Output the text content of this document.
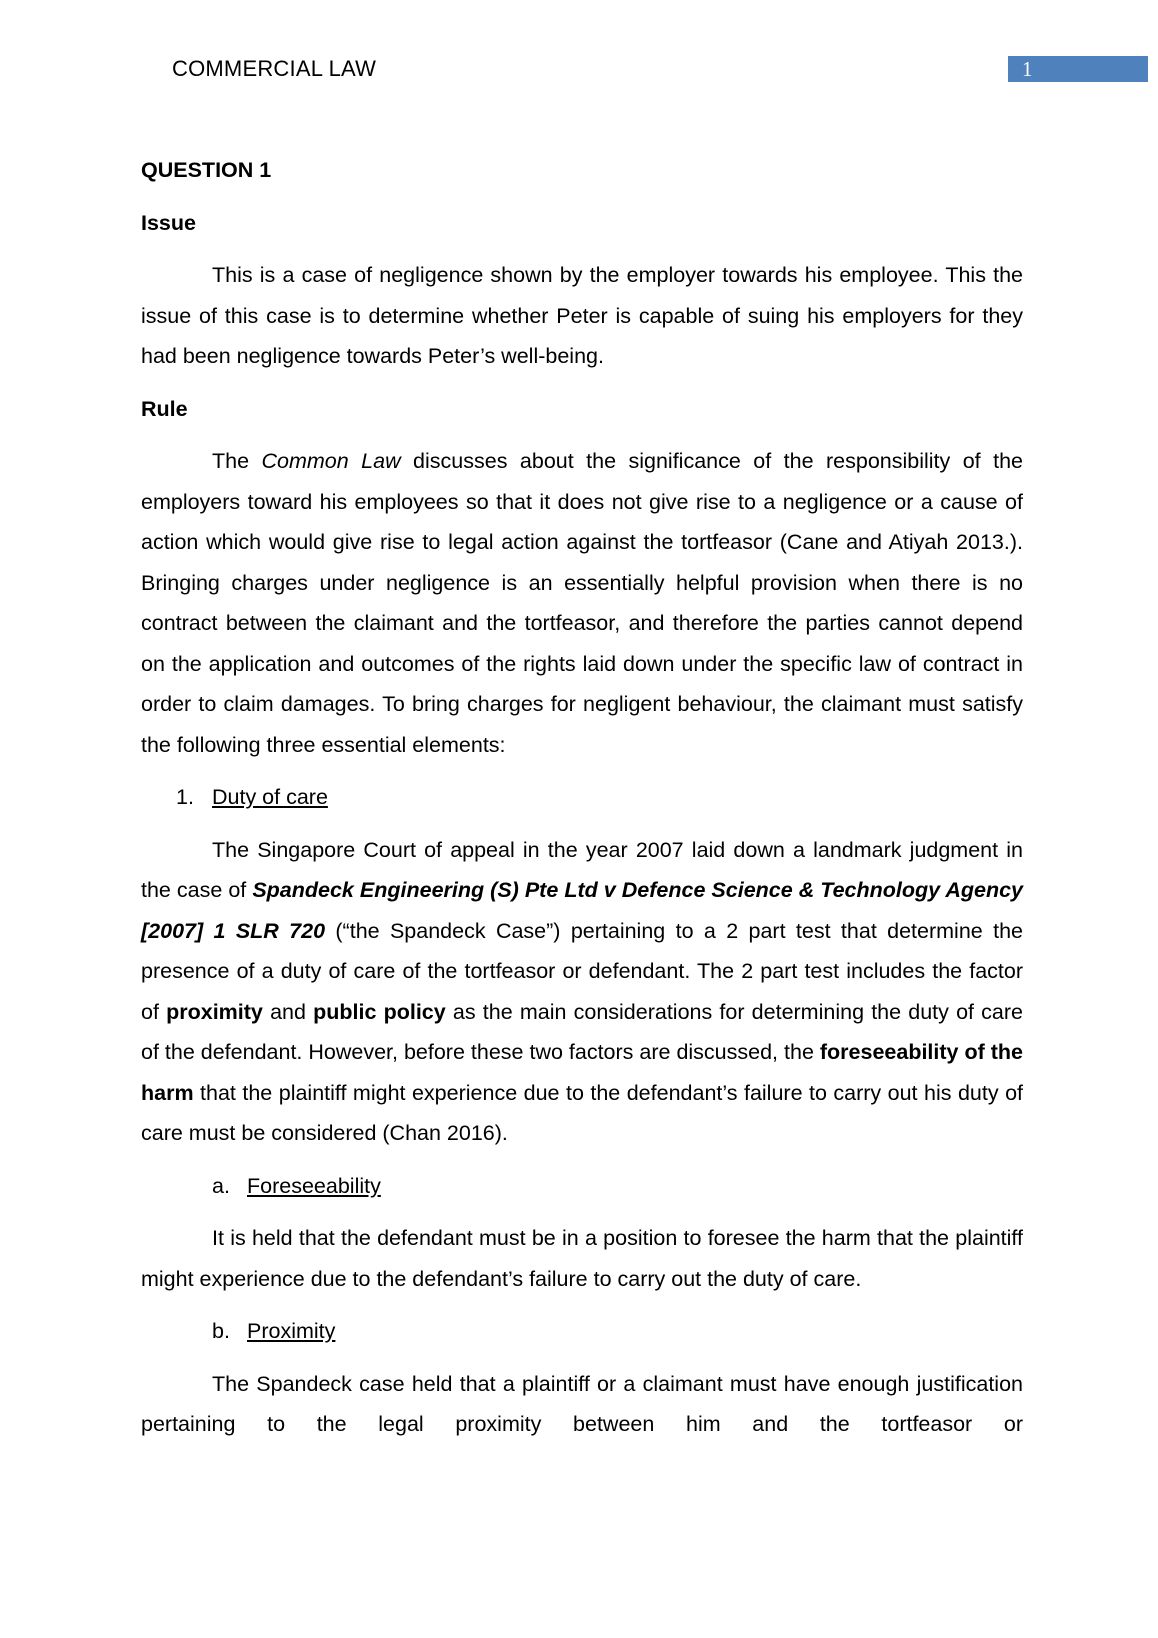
COMMERCIAL LAW	1

QUESTION 1

Issue

This is a case of negligence shown by the employer towards his employee. This the issue of this case is to determine whether Peter is capable of suing his employers for they had been negligence towards Peter’s well-being.

Rule

The Common Law discusses about the significance of the responsibility of the employers toward his employees so that it does not give rise to a negligence or a cause of action which would give rise to legal action against the tortfeasor (Cane and Atiyah 2013.). Bringing charges under negligence is an essentially helpful provision when there is no contract between the claimant and the tortfeasor, and therefore the parties cannot depend on the application and outcomes of the rights laid down under the specific law of contract in order to claim damages. To bring charges for negligent behaviour, the claimant must satisfy the following three essential elements:

1. Duty of care

The Singapore Court of appeal in the year 2007 laid down a landmark judgment in the case of Spandeck Engineering (S) Pte Ltd v Defence Science & Technology Agency [2007] 1 SLR 720 (“the Spandeck Case”) pertaining to a 2 part test that determine the presence of a duty of care of the tortfeasor or defendant. The 2 part test includes the factor of proximity and public policy as the main considerations for determining the duty of care of the defendant. However, before these two factors are discussed, the foreseeability of the harm that the plaintiff might experience due to the defendant’s failure to carry out his duty of care must be considered (Chan 2016).

a. Foreseeability

It is held that the defendant must be in a position to foresee the harm that the plaintiff might experience due to the defendant’s failure to carry out the duty of care.

b. Proximity

The Spandeck case held that a plaintiff or a claimant must have enough justification pertaining to the legal proximity between him and the tortfeasor or
